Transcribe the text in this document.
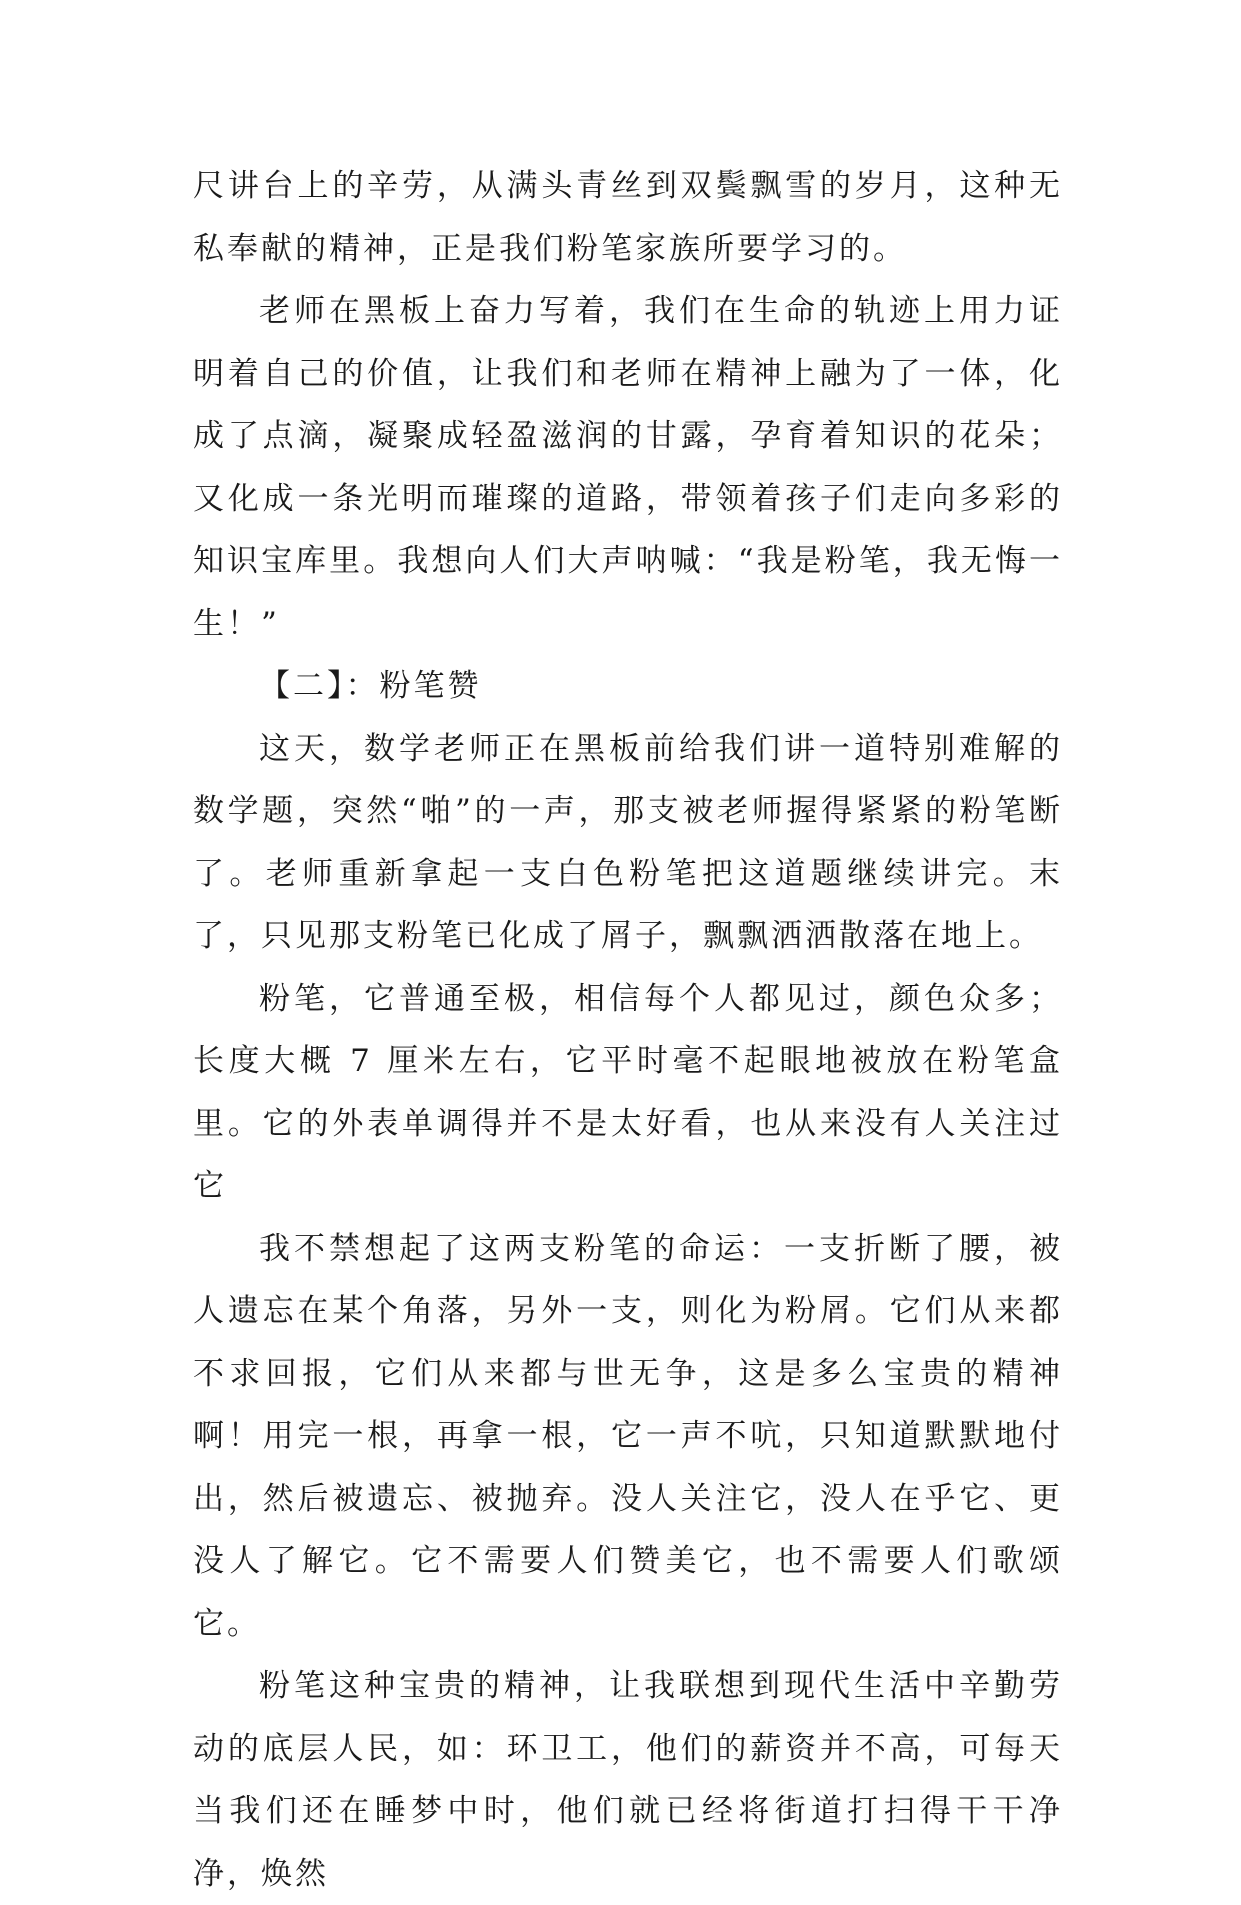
尺讲台上的辛劳，从满头青丝到双鬓飘雪的岁月，这种无私奉献的精神，正是我们粉笔家族所要学习的。

老师在黑板上奋力写着，我们在生命的轨迹上用力证明着自己的价值，让我们和老师在精神上融为了一体，化成了点滴，凝聚成轻盈滋润的甘露，孕育着知识的花朵；又化成一条光明而璀璨的道路，带领着孩子们走向多彩的知识宝库里。我想向人们大声呐喊：“我是粉笔，我无悔一生！”

【二】：粉笔赞

这天，数学老师正在黑板前给我们讲一道特别难解的数学题，突然“啪”的一声，那支被老师握得紧紧的粉笔断了。老师重新拿起一支白色粉笔把这道题继续讲完。末了，只见那支粉笔已化成了屑子，飘飘洒洒散落在地上。

粉笔，它普通至极，相信每个人都见过，颜色众多；长度大概 7 厘米左右，它平时毫不起眼地被放在粉笔盒里。它的外表单调得并不是太好看，也从来没有人关注过它

我不禁想起了这两支粉笔的命运：一支折断了腰，被人遗忘在某个角落，另外一支，则化为粉屑。它们从来都不求回报，它们从来都与世无争，这是多么宝贵的精神啊！用完一根，再拿一根，它一声不吭，只知道默默地付出，然后被遗忘、被抛弃。没人关注它，没人在乎它、更没人了解它。它不需要人们赞美它，也不需要人们歌颂它。

粉笔这种宝贵的精神，让我联想到现代生活中辛勤劳动的底层人民，如：环卫工，他们的薪资并不高，可每天当我们还在睡梦中时，他们就已经将街道打扫得干干净净，焕然
